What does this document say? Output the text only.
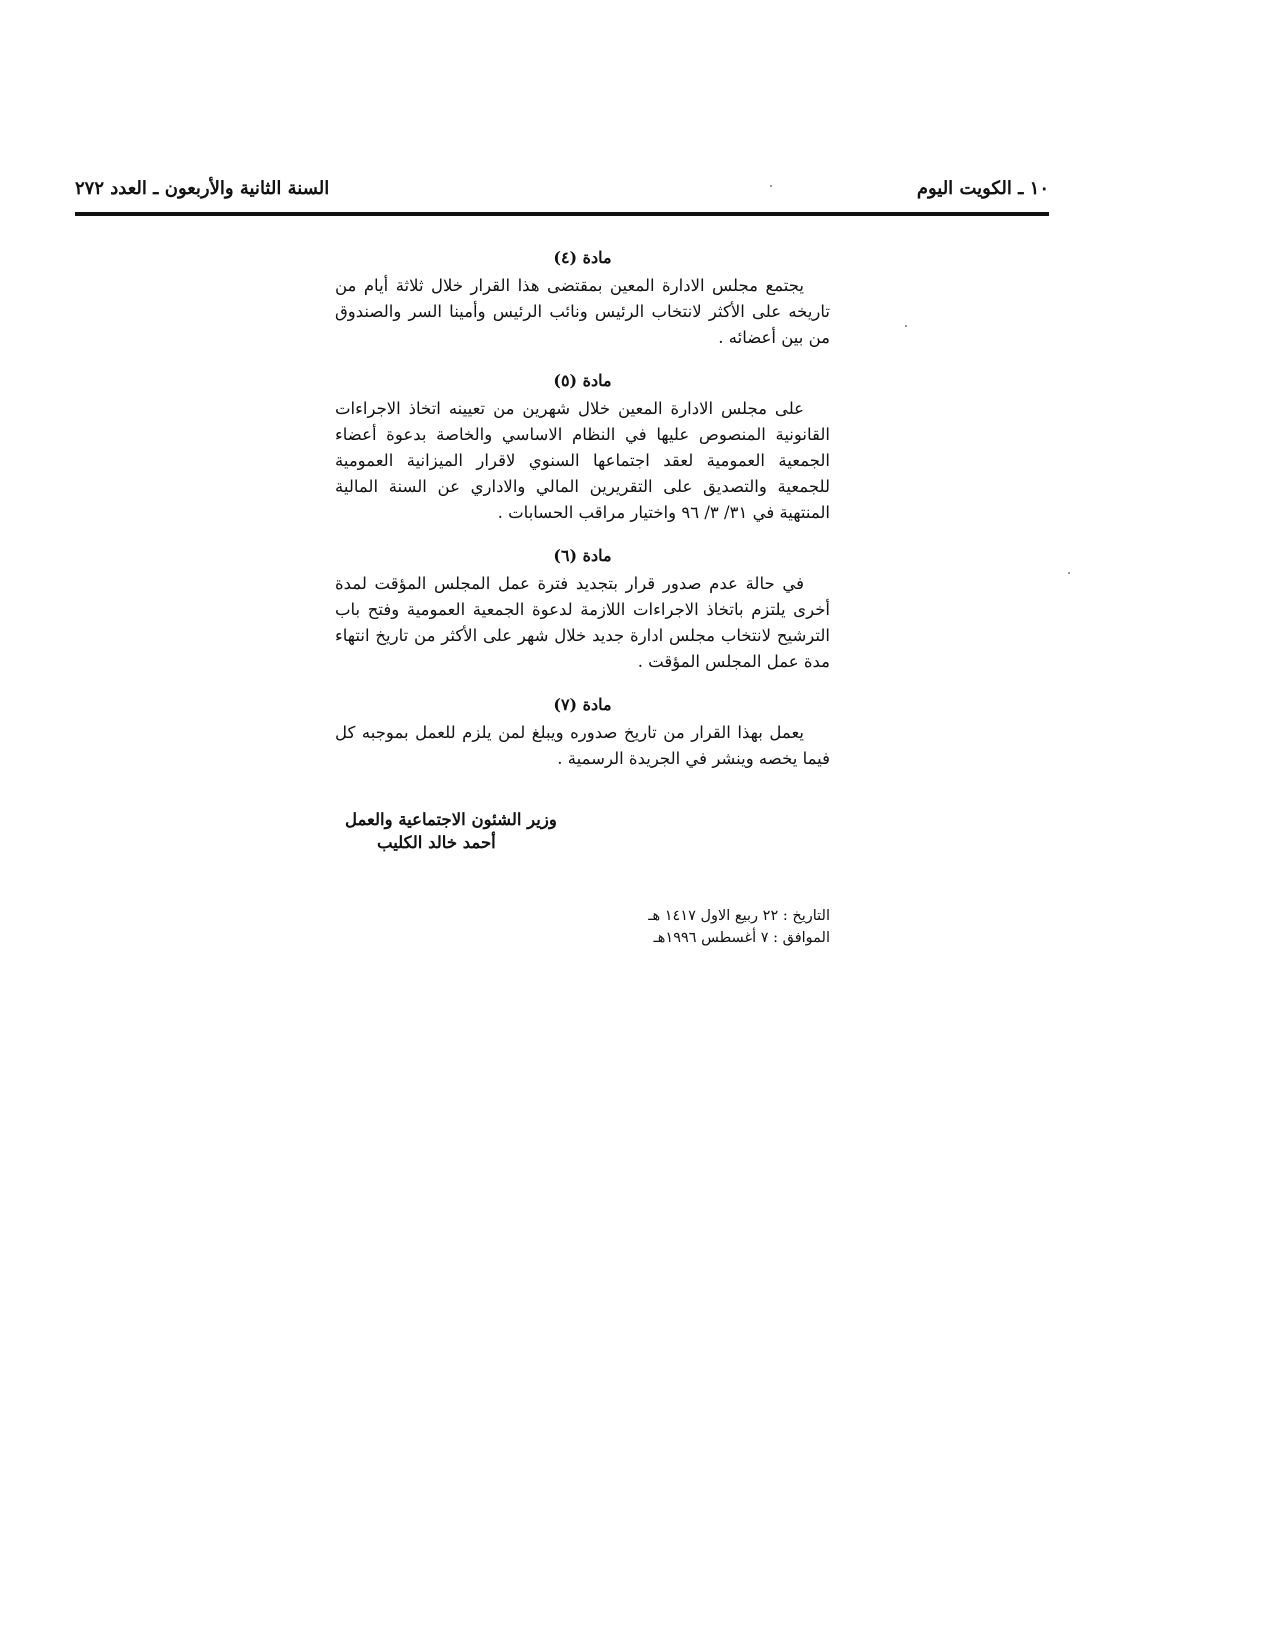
١٠ ـ الكويت اليوم
السنة الثانية والأربعون ـ العدد ٢٧٢

مادة (٤)

يجتمع مجلس الادارة المعين بمقتضى هذا القرار خلال ثلاثة أيام من تاريخه على الأكثر لانتخاب الرئيس ونائب الرئيس وأمينا السر والصندوق من بين أعضائه .

مادة (٥)

على مجلس الادارة المعين خلال شهرين من تعيينه اتخاذ الاجراءات القانونية المنصوص عليها في النظام الاساسي والخاصة بدعوة أعضاء الجمعية العمومية لعقد اجتماعها السنوي لاقرار الميزانية العمومية للجمعية والتصديق على التقريرين المالي والاداري عن السنة المالية المنتهية في ٣١/ ٣/ ٩٦ واختيار مراقب الحسابات .

مادة (٦)

في حالة عدم صدور قرار بتجديد فترة عمل المجلس المؤقت لمدة أخرى يلتزم باتخاذ الاجراءات اللازمة لدعوة الجمعية العمومية وفتح باب الترشيح لانتخاب مجلس ادارة جديد خلال شهر على الأكثر من تاريخ انتهاء مدة عمل المجلس المؤقت .

مادة (٧)

يعمل بهذا القرار من تاريخ صدوره ويبلغ لمن يلزم للعمل بموجبه كل فيما يخصه وينشر في الجريدة الرسمية .

وزير الشئون الاجتماعية والعمل

أحمد خالد الكليب

التاريخ : ٢٢ ربيع الاول ١٤١٧ هـ
الموافق : ٧ أغسطس ١٩٩٦هـ
